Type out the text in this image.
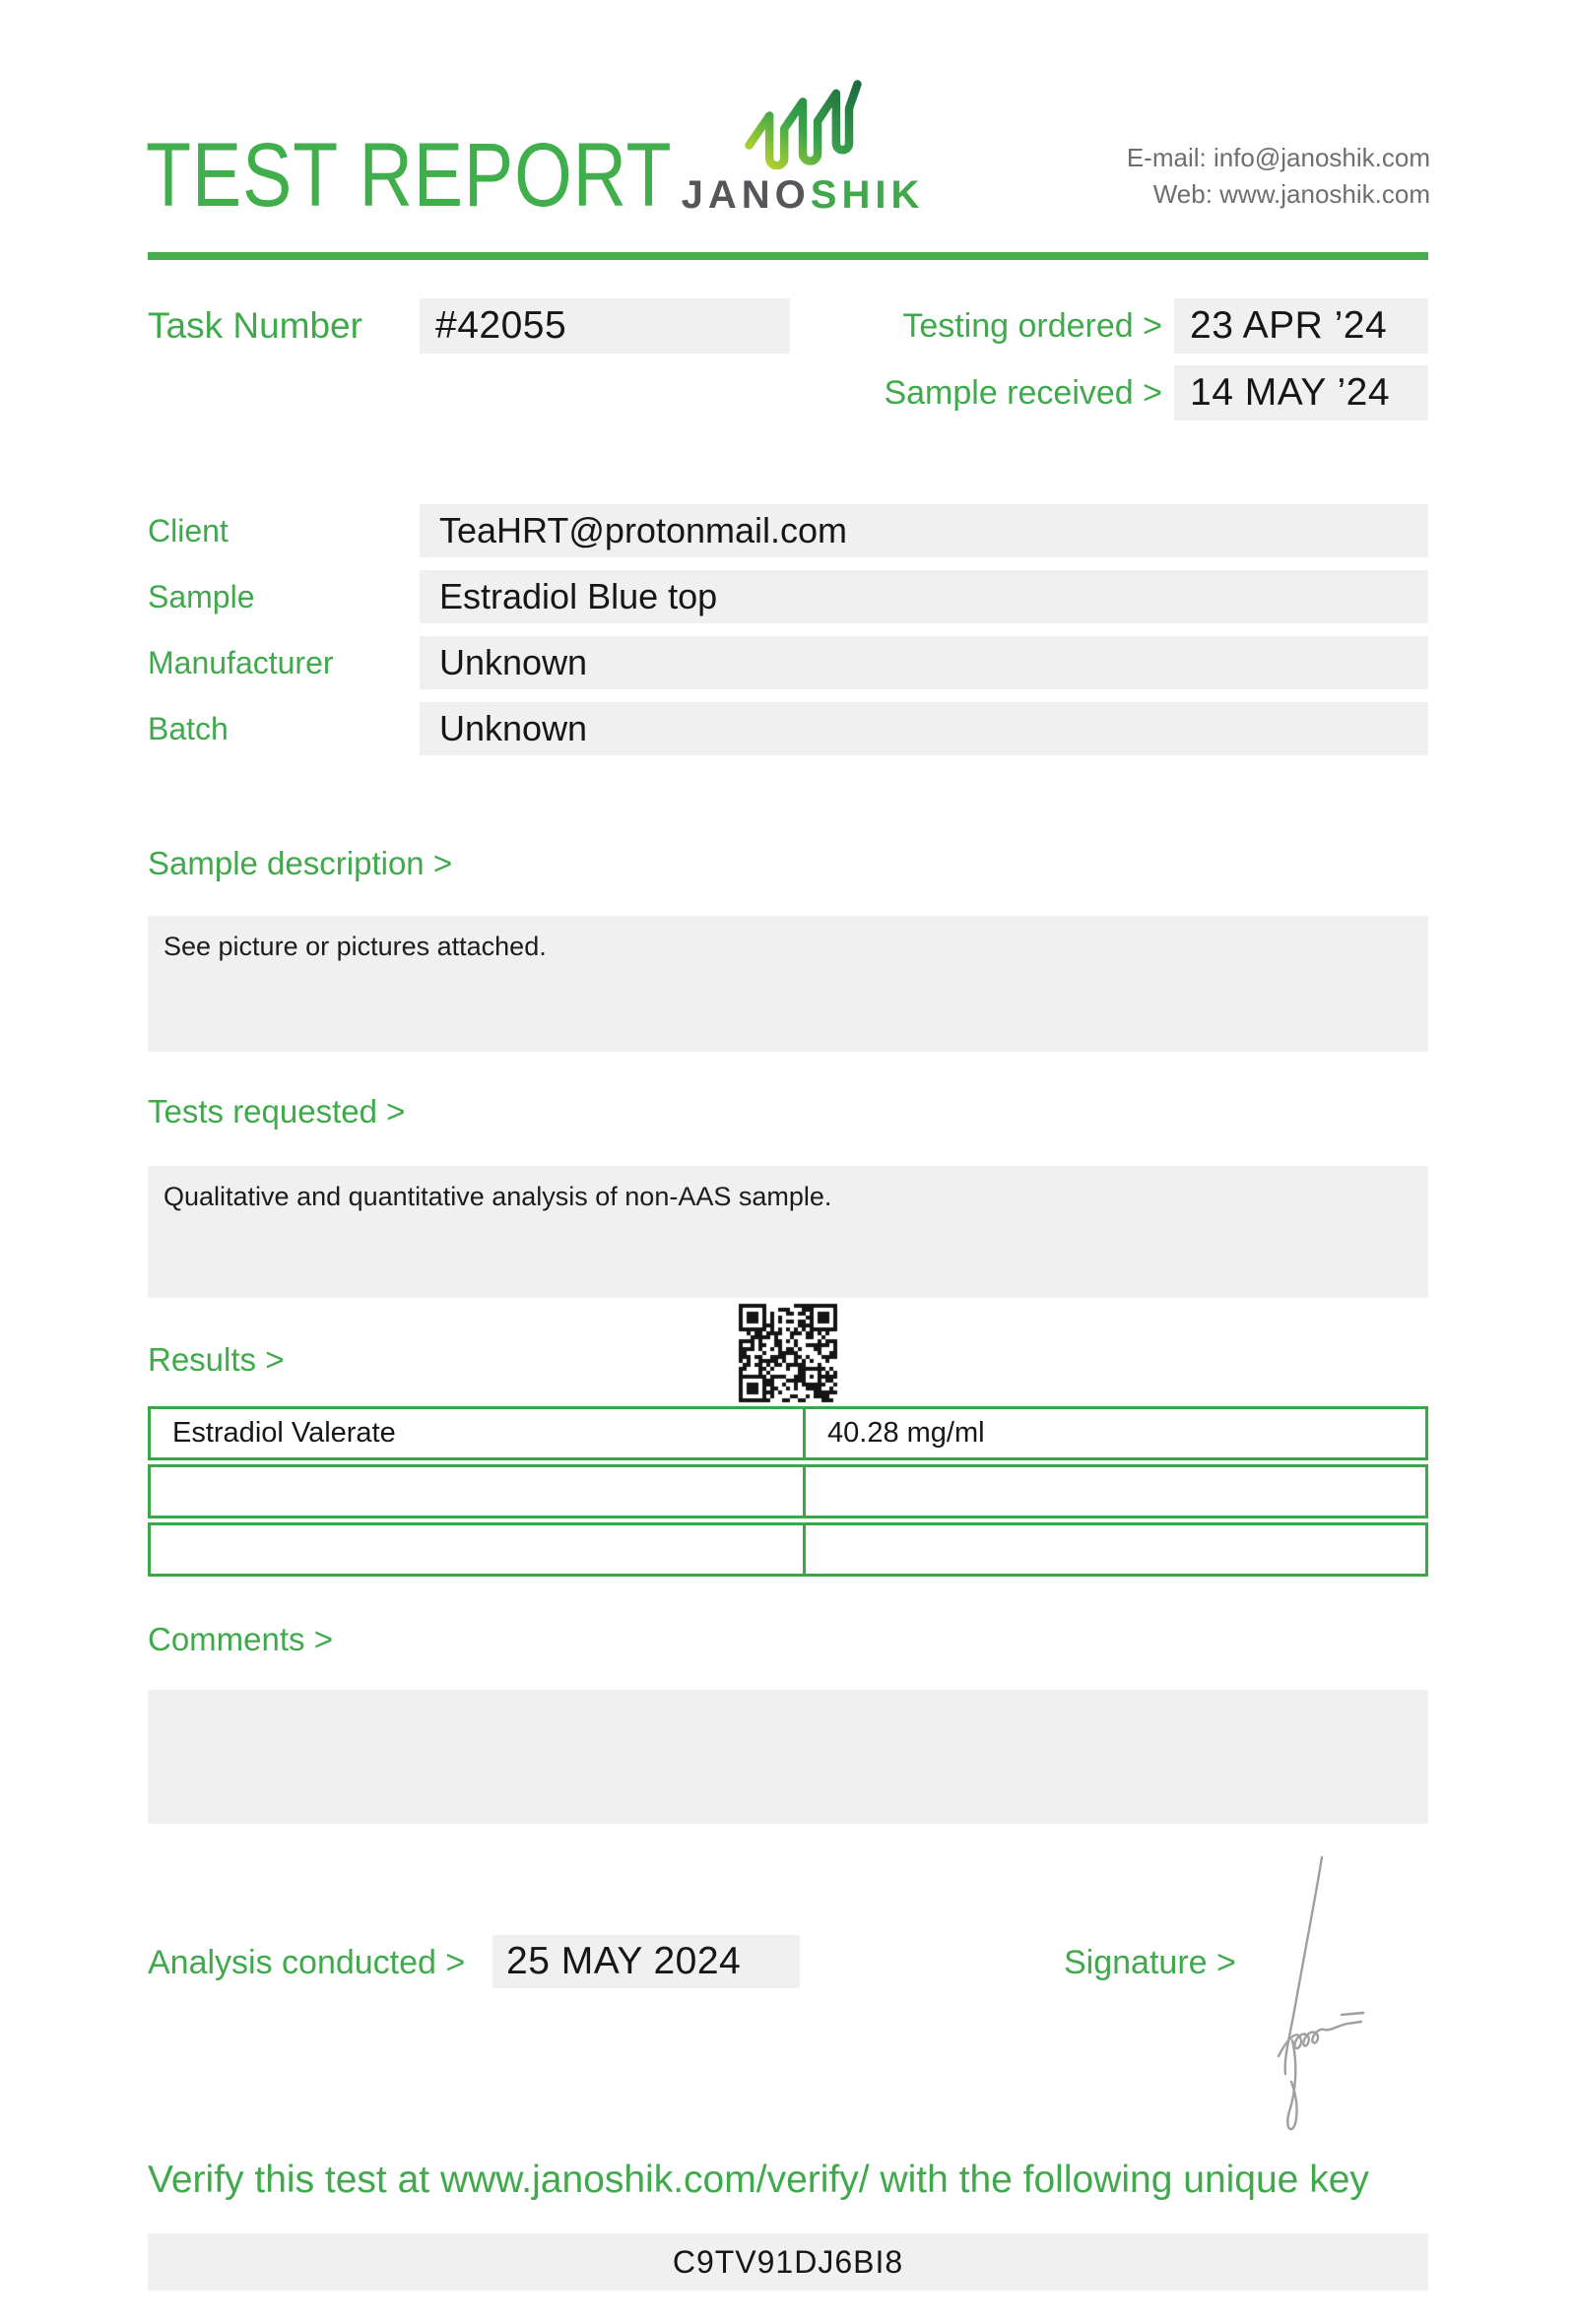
TEST REPORT JANOSHIK
E-mail: info@janoshik.com
Web: www.janoshik.com
Task Number	#42055	Testing ordered > 23 APR ’24
Sample received > 14 MAY ’24
Client	TeaHRT@protonmail.com
Sample	Estradiol Blue top
Manufacturer	Unknown
Batch	Unknown
Sample description >
See picture or pictures attached.
Tests requested >
Qualitative and quantitative analysis of non-AAS sample.
Results >
Estradiol Valerate	40.28 mg/ml
Comments >
Analysis conducted >	25 MAY 2024	Signature >
Verify this test at www.janoshik.com/verify/ with the following unique key
C9TV91DJ6BI8
